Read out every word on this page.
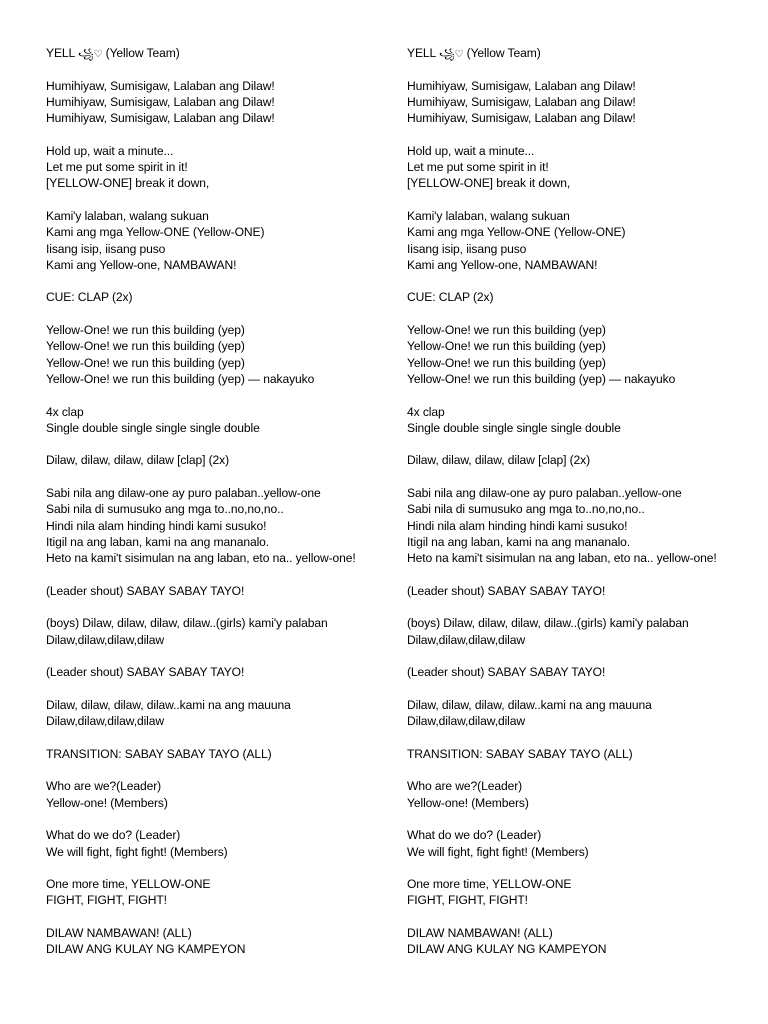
YELL ꧁♡ (Yellow Team)
Humihiyaw, Sumisigaw, Lalaban ang Dilaw!
Humihiyaw, Sumisigaw, Lalaban ang Dilaw!
Humihiyaw, Sumisigaw, Lalaban ang Dilaw!
Hold up, wait a minute...
Let me put some spirit in it!
[YELLOW-ONE] break it down,
Kami'y lalaban, walang sukuan
Kami ang mga Yellow-ONE (Yellow-ONE)
Iisang isip, iisang puso
Kami ang Yellow-one, NAMBAWAN!
CUE: CLAP (2x)
Yellow-One! we run this building (yep)
Yellow-One! we run this building (yep)
Yellow-One! we run this building (yep)
Yellow-One! we run this building (yep) — nakayuko
4x clap
Single double single single single double
Dilaw, dilaw, dilaw, dilaw [clap] (2x)
Sabi nila ang dilaw-one ay puro palaban..yellow-one
Sabi nila di sumusuko ang mga to..no,no,no..
Hindi nila alam hinding hindi kami susuko!
Itigil na ang laban, kami na ang mananalo.
Heto na kami't sisimulan na ang laban, eto na.. yellow-one!
(Leader shout) SABAY SABAY TAYO!
(boys) Dilaw, dilaw, dilaw, dilaw..(girls) kami'y palaban
Dilaw,dilaw,dilaw,dilaw
(Leader shout) SABAY SABAY TAYO!
Dilaw, dilaw, dilaw, dilaw..kami na ang mauuna
Dilaw,dilaw,dilaw,dilaw
TRANSITION: SABAY SABAY TAYO (ALL)
Who are we?(Leader)
Yellow-one! (Members)
What do we do? (Leader)
We will fight, fight fight! (Members)
One more time, YELLOW-ONE
FIGHT, FIGHT, FIGHT!
DILAW NAMBAWAN! (ALL)
DILAW ANG KULAY NG KAMPEYON
YELL ꧁♡ (Yellow Team)
Humihiyaw, Sumisigaw, Lalaban ang Dilaw!
Humihiyaw, Sumisigaw, Lalaban ang Dilaw!
Humihiyaw, Sumisigaw, Lalaban ang Dilaw!
Hold up, wait a minute...
Let me put some spirit in it!
[YELLOW-ONE] break it down,
Kami'y lalaban, walang sukuan
Kami ang mga Yellow-ONE (Yellow-ONE)
Iisang isip, iisang puso
Kami ang Yellow-one, NAMBAWAN!
CUE: CLAP (2x)
Yellow-One! we run this building (yep)
Yellow-One! we run this building (yep)
Yellow-One! we run this building (yep)
Yellow-One! we run this building (yep) — nakayuko
4x clap
Single double single single single double
Dilaw, dilaw, dilaw, dilaw [clap] (2x)
Sabi nila ang dilaw-one ay puro palaban..yellow-one
Sabi nila di sumusuko ang mga to..no,no,no..
Hindi nila alam hinding hindi kami susuko!
Itigil na ang laban, kami na ang mananalo.
Heto na kami't sisimulan na ang laban, eto na.. yellow-one!
(Leader shout) SABAY SABAY TAYO!
(boys) Dilaw, dilaw, dilaw, dilaw..(girls) kami'y palaban
Dilaw,dilaw,dilaw,dilaw
(Leader shout) SABAY SABAY TAYO!
Dilaw, dilaw, dilaw, dilaw..kami na ang mauuna
Dilaw,dilaw,dilaw,dilaw
TRANSITION: SABAY SABAY TAYO (ALL)
Who are we?(Leader)
Yellow-one! (Members)
What do we do? (Leader)
We will fight, fight fight! (Members)
One more time, YELLOW-ONE
FIGHT, FIGHT, FIGHT!
DILAW NAMBAWAN! (ALL)
DILAW ANG KULAY NG KAMPEYON
